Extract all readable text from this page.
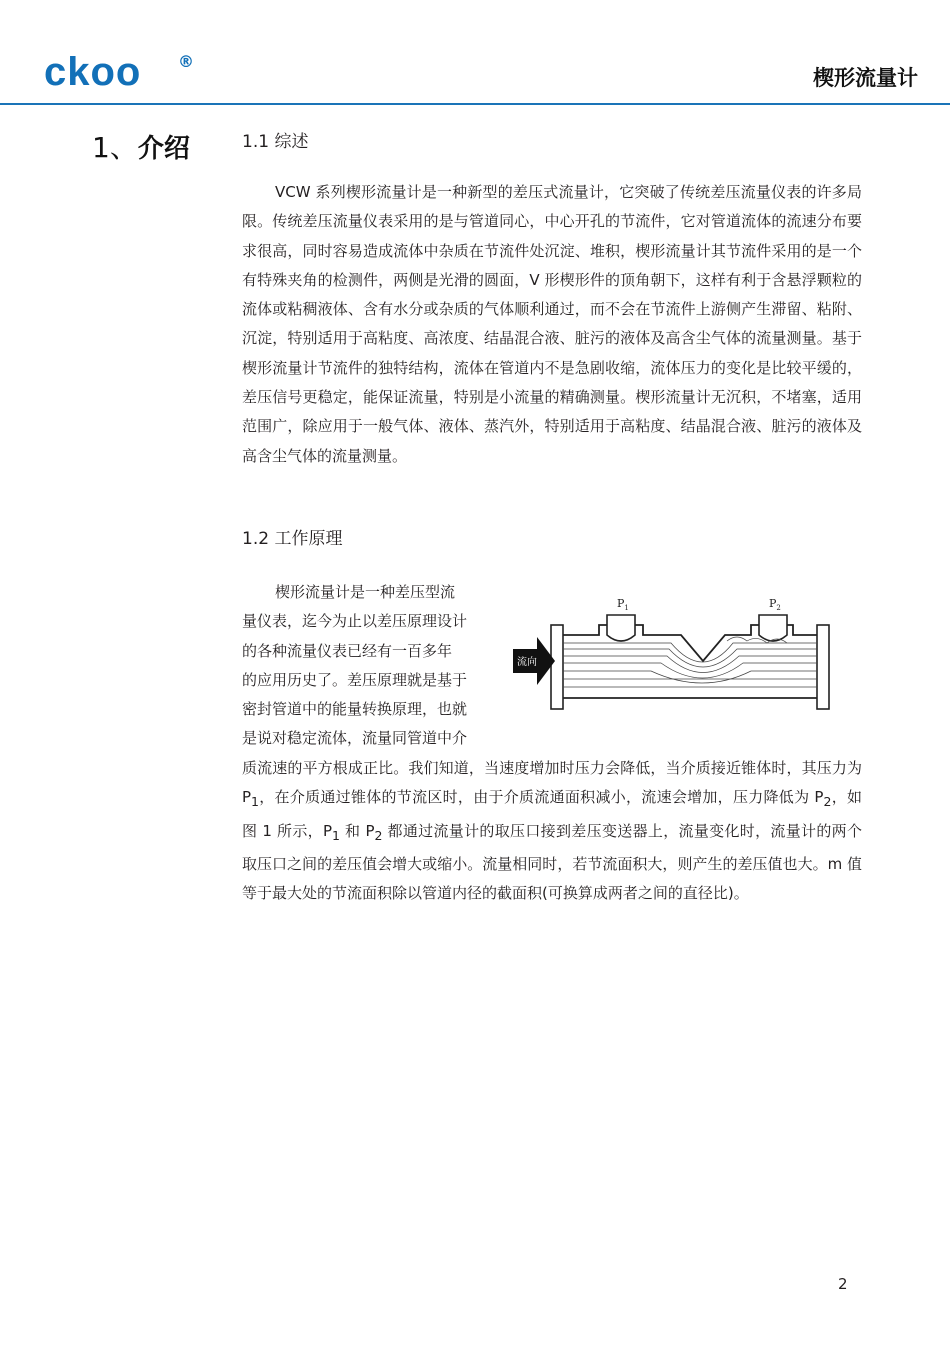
ckoo ®
楔形流量计
1、介绍	1.1 综述

VCW 系列楔形流量计是一种新型的差压式流量计，它突破了传统差压流量仪表的许多局限。传统差压流量仪表采用的是与管道同心，中心开孔的节流件，它对管道流体的流速分布要求很高，同时容易造成流体中杂质在节流件处沉淀、堆积，楔形流量计其节流件采用的是一个有特殊夹角的检测件，两侧是光滑的圆面，V 形楔形件的顶角朝下，这样有利于含悬浮颗粒的流体或粘稠液体、含有水分或杂质的气体顺利通过，而不会在节流件上游侧产生滞留、粘附、沉淀，特别适用于高粘度、高浓度、结晶混合液、脏污的液体及高含尘气体的流量测量。基于楔形流量计节流件的独特结构，流体在管道内不是急剧收缩，流体压力的变化是比较平缓的，差压信号更稳定，能保证流量，特别是小流量的精确测量。楔形流量计无沉积，不堵塞，适用范围广，除应用于一般气体、液体、蒸汽外，特别适用于高粘度、结晶混合液、脏污的液体及高含尘气体的流量测量。

1.2 工作原理
楔形流量计是一种差压型流
量仪表，迄今为止以差压原理设计
的各种流量仪表已经有一百多年
的应用历史了。差压原理就是基于
密封管道中的能量转换原理，也就
是说对稳定流体，流量同管道中介

质流速的平方根成正比。我们知道，当速度增加时压力会降低，当介质接近锥体时，其压力为 $P_1$，在介质通过锥体的节流区时，由于介质流通面积减小，流速会增加，压力降低为 $P_2$，如图 1 所示，$P_1$ 和 $P_2$ 都通过流量计的取压口接到差压变送器上，流量变化时，流量计的两个取压口之间的差压值会增大或缩小。流量相同时，若节流面积大，则产生的差压值也大。m 值等于最大处的节流面积除以管道内径的截面积(可换算成两者之间的直径比)。

流向
$P_1$	$P_2$
2
